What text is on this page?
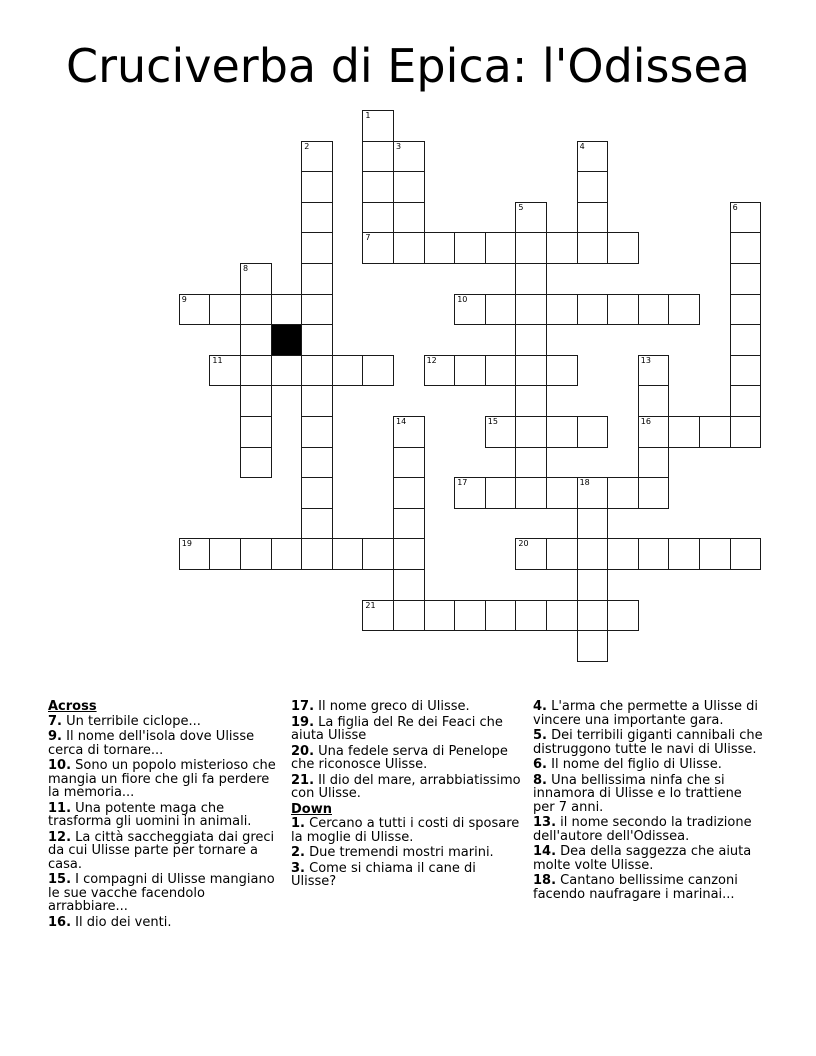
Cruciverba di Epica: l'Odissea
1
7
2	3	4
5	6
8
9	10
11	12	13
16
14	15
17	18
19	20
21
Across
7. Un terribile ciclope...
9. Il nome dell'isola dove Ulisse cerca di tornare...
10. Sono un popolo misterioso che mangia un fiore che gli fa perdere la memoria...
11. Una potente maga che trasforma gli uomini in animali.
12. La città saccheggiata dai greci da cui Ulisse parte per tornare a casa.
15. I compagni di Ulisse mangiano le sue vacche facendolo arrabbiare...
16. Il dio dei venti.
17. Il nome greco di Ulisse.
19. La figlia del Re dei Feaci che aiuta Ulisse
20. Una fedele serva di Penelope che riconosce Ulisse.
21. Il dio del mare, arrabbiatissimo con Ulisse.
Down
1. Cercano a tutti i costi di sposare la moglie di Ulisse.
2. Due tremendi mostri marini.
3. Come si chiama il cane di Ulisse?
4. L'arma che permette a Ulisse di vincere una importante gara.
5. Dei terribili giganti cannibali che distruggono tutte le navi di Ulisse.
6. Il nome del figlio di Ulisse.
8. Una bellissima ninfa che si innamora di Ulisse e lo trattiene per 7 anni.
13. il nome secondo la tradizione dell'autore dell'Odissea.
14. Dea della saggezza che aiuta molte volte Ulisse.
18. Cantano bellissime canzoni facendo naufragare i marinai...
